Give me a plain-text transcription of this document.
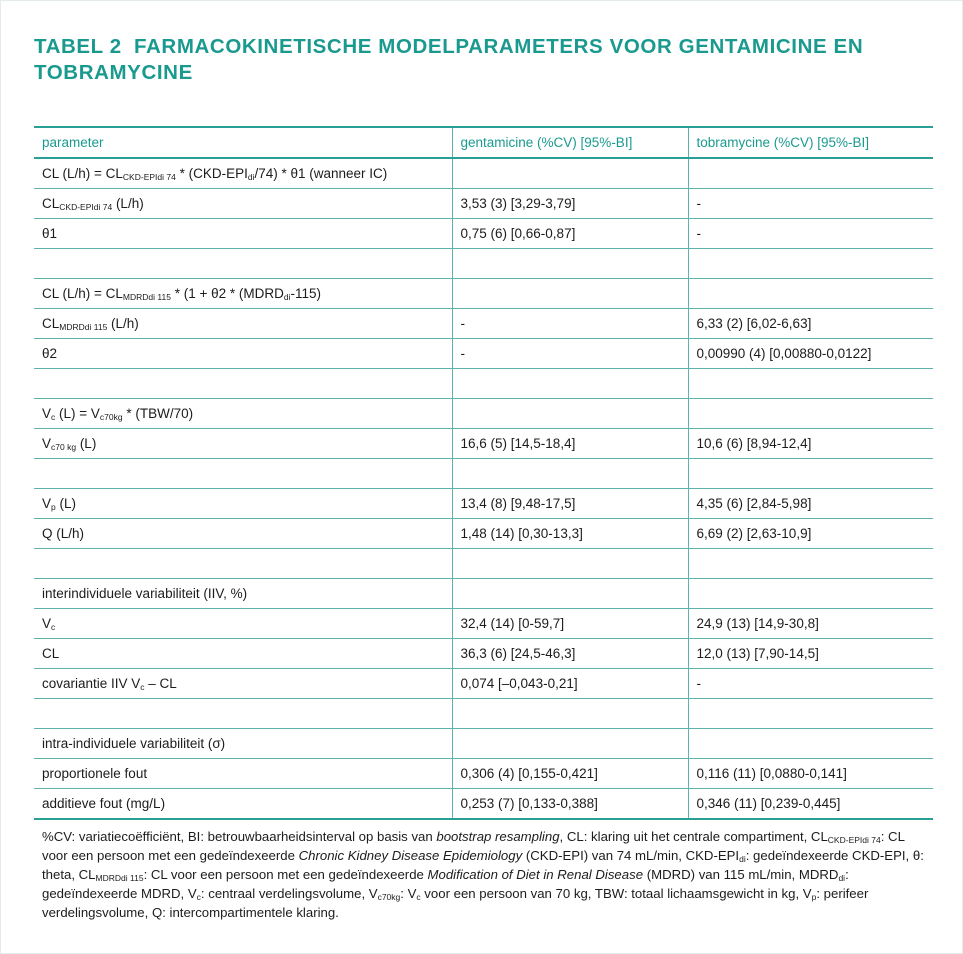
TABEL 2 FARMACOKINETISCHE MODELPARAMETERS VOOR GENTAMICINE EN TOBRAMYCINE
parameter	gentamicine (%CV) [95%-BI]	tobramycine (%CV) [95%-BI]
CL $(L/h) = CL_{CKD-EPIdi 74} * (CKD-EPI_{di}/74) * \theta 1$ (wanneer IC)		
$CL_{CKD-EPIdi 74}$ (L/h)	3,53 (3) [3,29-3,79]	-
θ1	0,75 (6) [0,66-0,87]	-

CL $(L/h) = CL_{MDRDdi 115} * (1 + \theta 2$ * $(MDRD_{di}-115)$		
$CL_{MDRDdi 115}$ (L/h)	-	6,33 (2) [6,02-6,63]
θ2	-	0,00990 (4) [0,00880-0,0122]

$V_c$ $(L) = V_{c70kg} * (TBW/70)$		
$V_{c70 kg}$ (L)	16,6 (5) [14,5-18,4]	10,6 (6) [8,94-12,4]

$V_p$ (L)	13,4 (8) [9,48-17,5]	4,35 (6) [2,84-5,98]
Q (L/h)	1,48 (14) [0,30-13,3]	6,69 (2) [2,63-10,9]

interindividuele variabiliteit (IIV, %)		
$V_c$	32,4 (14) [0-59,7]	24,9 (13) [14,9-30,8]
CL	36,3 (6) [24,5-46,3]	12,0 (13) [7,90-14,5]
covariantie IIV $V_c$ – CL	0,074 [–0,043-0,21]	-

intra-individuele variabiliteit (σ)		
proportionele fout	0,306 (4) [0,155-0,421]	0,116 (11) [0,0880-0,141]
additieve fout (mg/L)	0,253 (7) [0,133-0,388]	0,346 (11) [0,239-0,445]
%CV: variatiecoëfficiënt, BI: betrouwbaarheidsinterval op basis van bootstrap resampling, CL: klaring uit het centrale compartiment, $CL_{CKD-EPIdi 74}$: CL voor een persoon met een gedeïndexeerde Chronic Kidney Disease Epidemiology (CKD-EPI) van 74 mL/min, CKD-$EPI_{di}$: gedeïndexeerde CKD-EPI, θ: theta, $CL_{MDRDdi 115}$: CL voor een persoon met een gedeïndexeerde Modification of Diet in Renal Disease (MDRD) van 115 mL/min, $MDRD_{di}$: gedeïndexeerde MDRD, $V_c$: centraal verdelingsvolume, $V_{c70kg}$: $V_c$ voor een persoon van 70 kg, TBW: totaal lichaamsgewicht in kg, $V_p$: perifeer verdelingsvolume, Q: intercompartimentele klaring.
